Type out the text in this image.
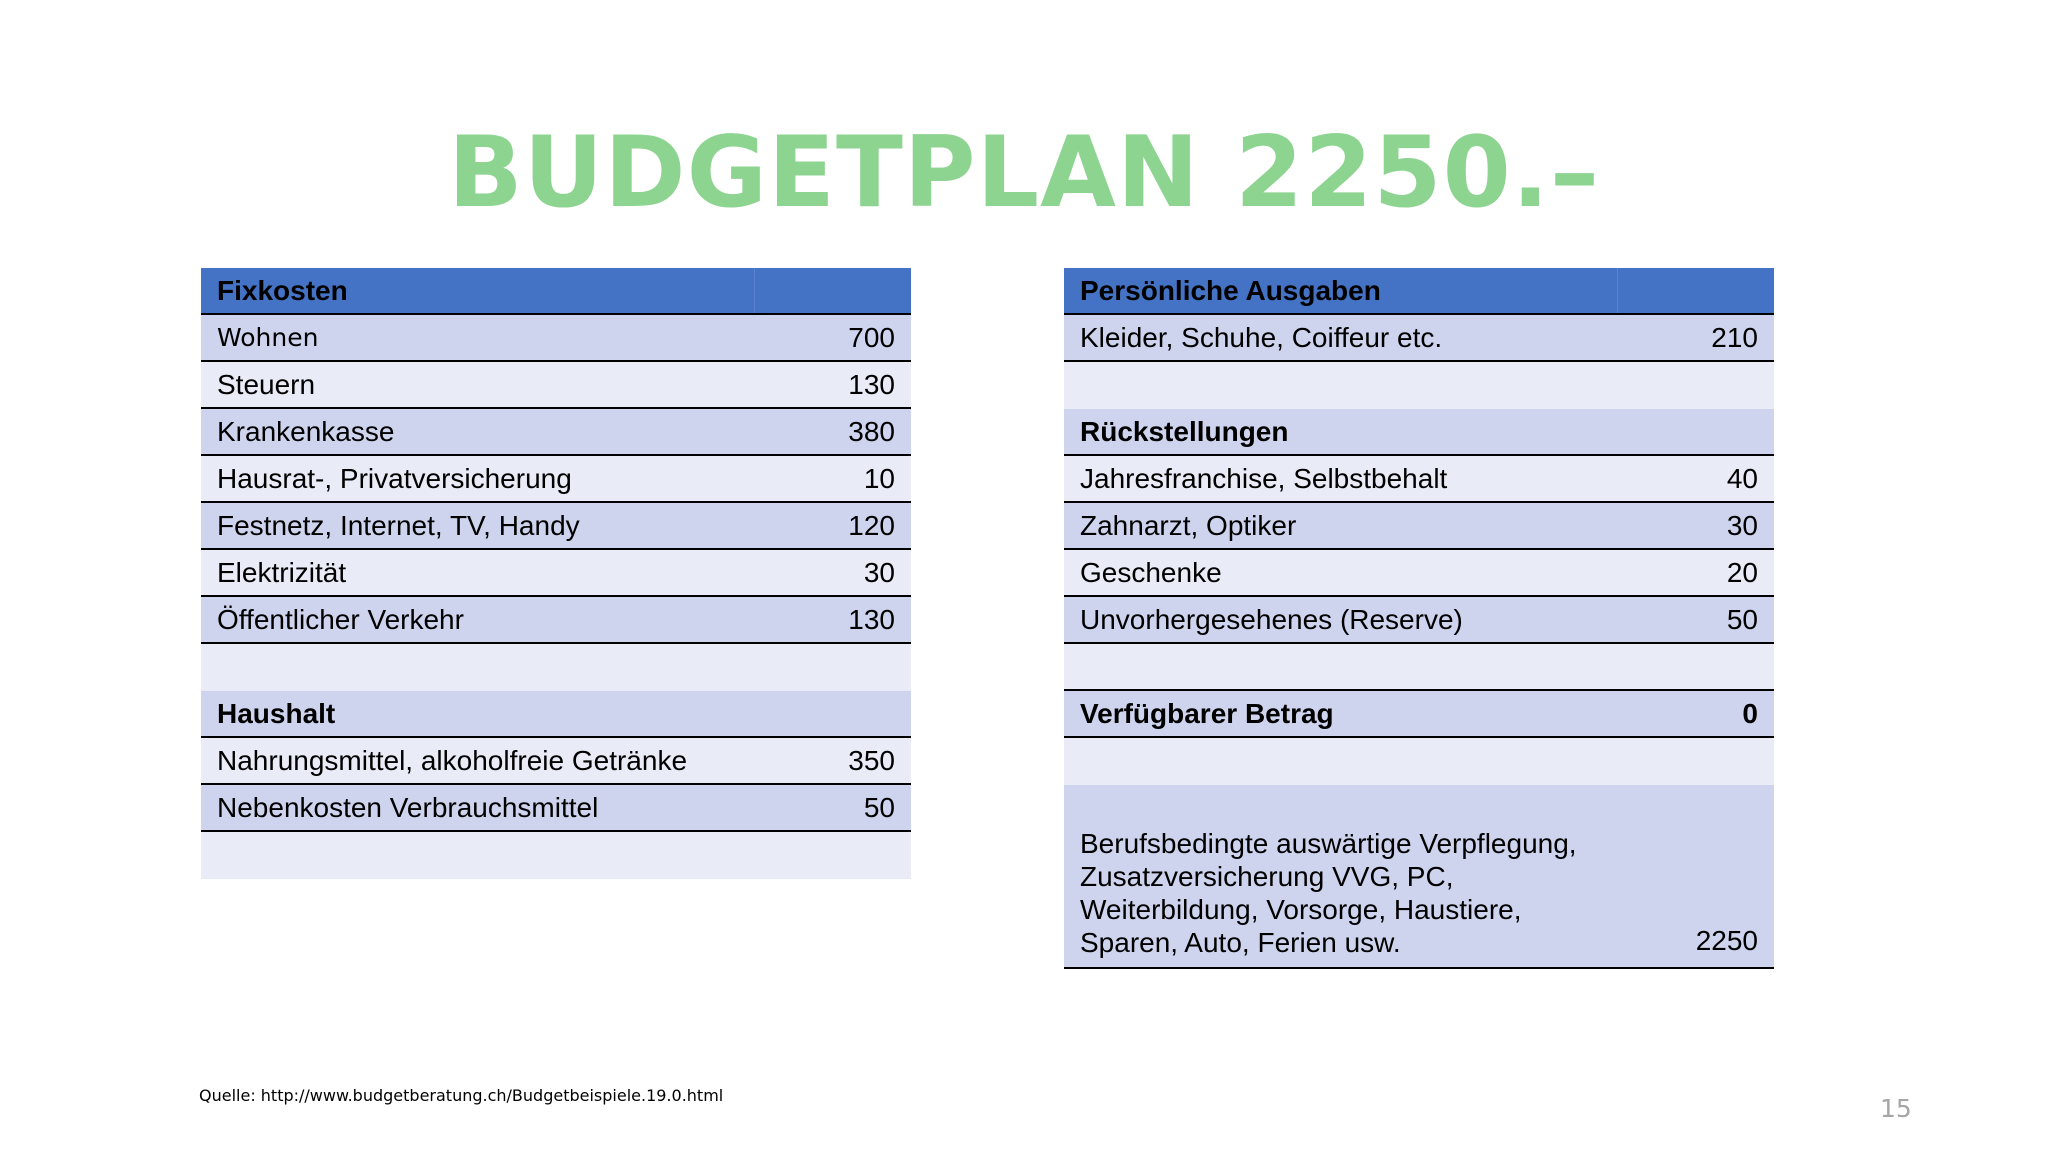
BUDGETPLAN 2250.–
Fixkosten
Wohnen	700
Steuern	130
Krankenkasse	380
Hausrat-, Privatversicherung	10
Festnetz, Internet, TV, Handy	120
Elektrizität	30
Öffentlicher Verkehr	130
Haushalt
Nahrungsmittel, alkoholfreie Getränke	350
Nebenkosten Verbrauchsmittel	50
Persönliche Ausgaben
Kleider, Schuhe, Coiffeur etc.	210
Rückstellungen
Jahresfranchise, Selbstbehalt	40
Zahnarzt, Optiker	30
Geschenke	20
Unvorhergesehenes (Reserve)	50
Verfügbarer Betrag	0
Berufsbedingte auswärtige Verpflegung, Zusatzversicherung VVG, PC, Weiterbildung, Vorsorge, Haustiere, Sparen, Auto, Ferien usw.	2250
Quelle: http://www.budgetberatung.ch/Budgetbeispiele.19.0.html	15
